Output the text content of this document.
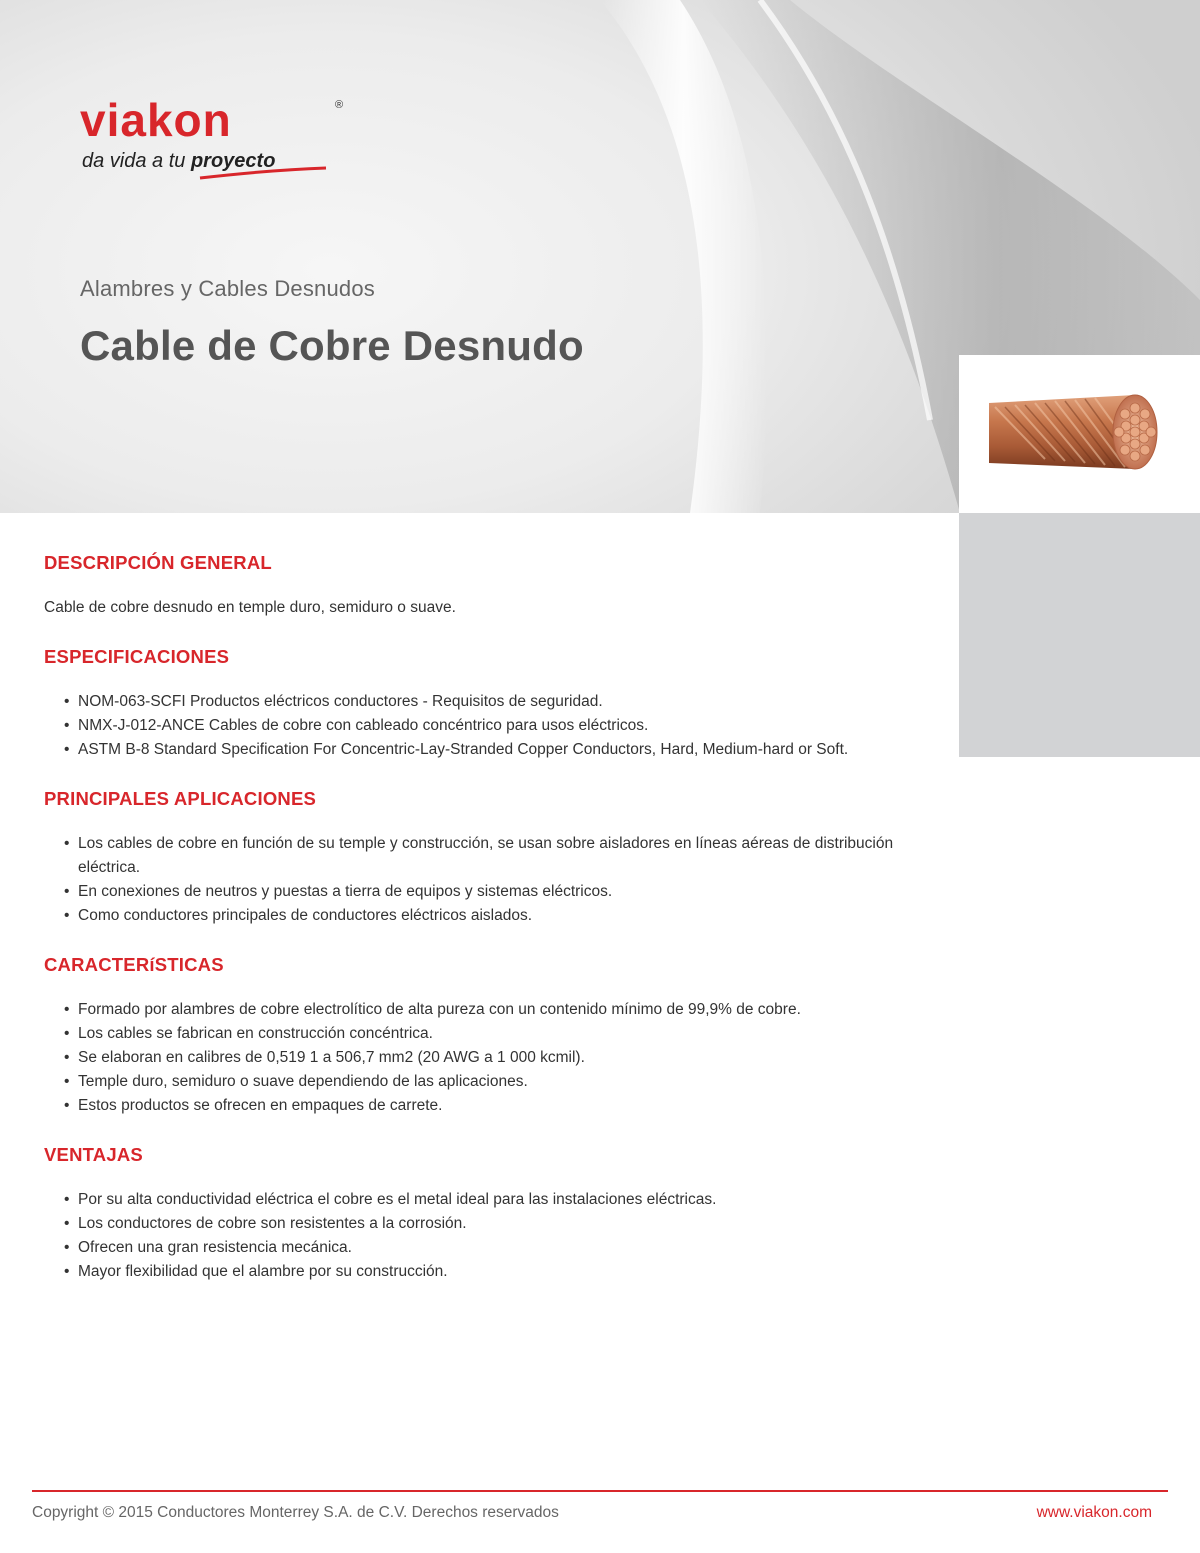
viakon	®
da vida a tu proyecto
Alambres y Cables Desnudos
Cable de Cobre Desnudo
DESCRIPCIÓN GENERAL

Cable de cobre desnudo en temple duro, semiduro o suave.

ESPECIFICACIONES
• NOM-063-SCFI Productos eléctricos conductores - Requisitos de seguridad.
• NMX-J-012-ANCE Cables de cobre con cableado concéntrico para usos eléctricos.
• ASTM B-8 Standard Specification For Concentric-Lay-Stranded Copper Conductors, Hard, Medium-hard or Soft.
PRINCIPALES APLICACIONES
• Los cables de cobre en función de su temple y construcción, se usan sobre aisladores en líneas aéreas de distribución eléctrica.
• En conexiones de neutros y puestas a tierra de equipos y sistemas eléctricos.
• Como conductores principales de conductores eléctricos aislados.
CARACTERíSTICAS
• Formado por alambres de cobre electrolítico de alta pureza con un contenido mínimo de 99,9% de cobre.
• Los cables se fabrican en construcción concéntrica.
• Se elaboran en calibres de 0,519 1 a 506,7 mm2 (20 AWG a 1 000 kcmil).
• Temple duro, semiduro o suave dependiendo de las aplicaciones.
• Estos productos se ofrecen en empaques de carrete.
VENTAJAS
• Por su alta conductividad eléctrica el cobre es el metal ideal para las instalaciones eléctricas.
• Los conductores de cobre son resistentes a la corrosión.
• Ofrecen una gran resistencia mecánica.
• Mayor flexibilidad que el alambre por su construcción.
Copyright © 2015 Conductores Monterrey S.A. de C.V. Derechos reservados	www.viakon.com
